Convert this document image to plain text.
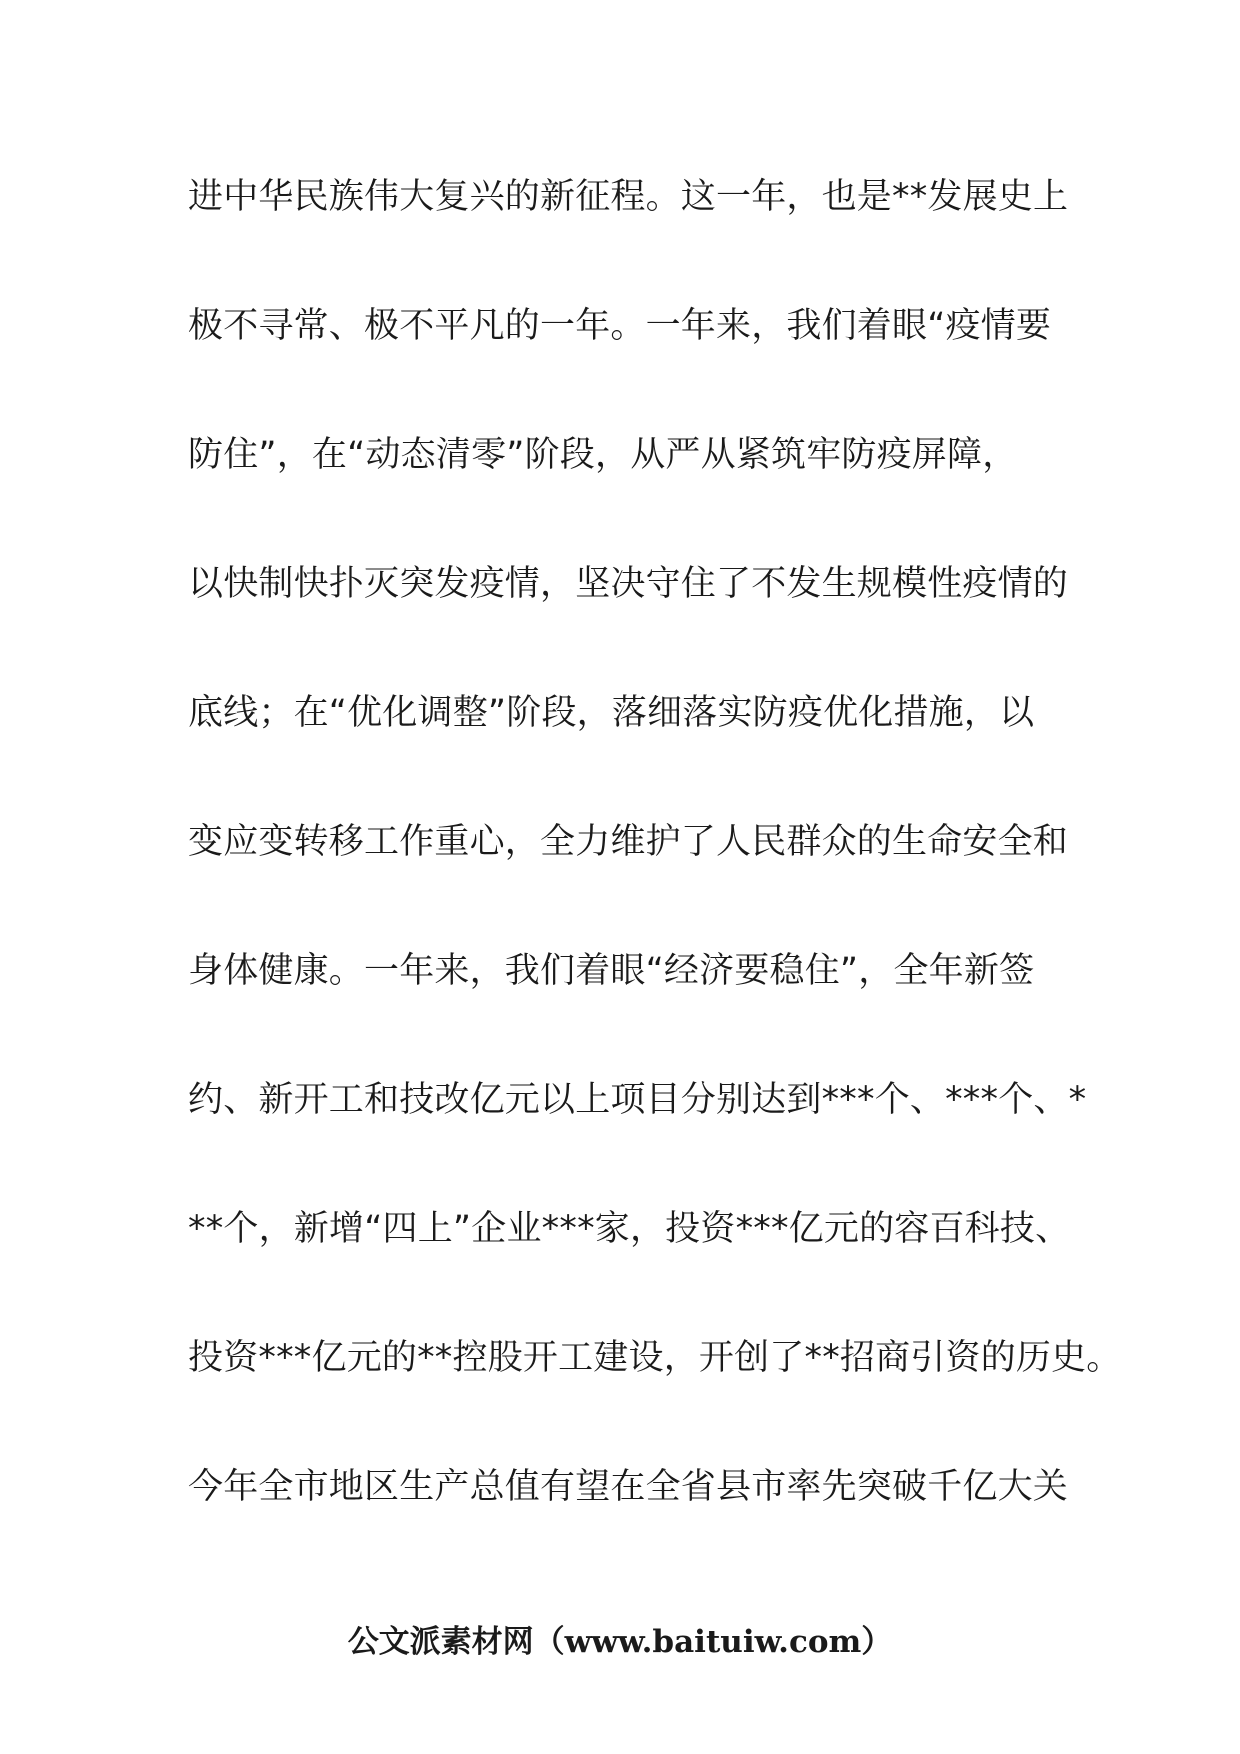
进中华民族伟大复兴的新征程。这一年，也是**发展史上
极不寻常、极不平凡的一年。一年来，我们着眼“疫情要
防住”，在“动态清零”阶段，从严从紧筑牢防疫屏障，
以快制快扑灭突发疫情，坚决守住了不发生规模性疫情的
底线；在“优化调整”阶段，落细落实防疫优化措施，以
变应变转移工作重心，全力维护了人民群众的生命安全和
身体健康。一年来，我们着眼“经济要稳住”，全年新签
约、新开工和技改亿元以上项目分别达到***个、***个、*
**个，新增“四上”企业***家，投资***亿元的容百科技、
投资***亿元的**控股开工建设，开创了**招商引资的历史。
今年全市地区生产总值有望在全省县市率先突破千亿大关
公文派素材网（www.baituiw.com）
